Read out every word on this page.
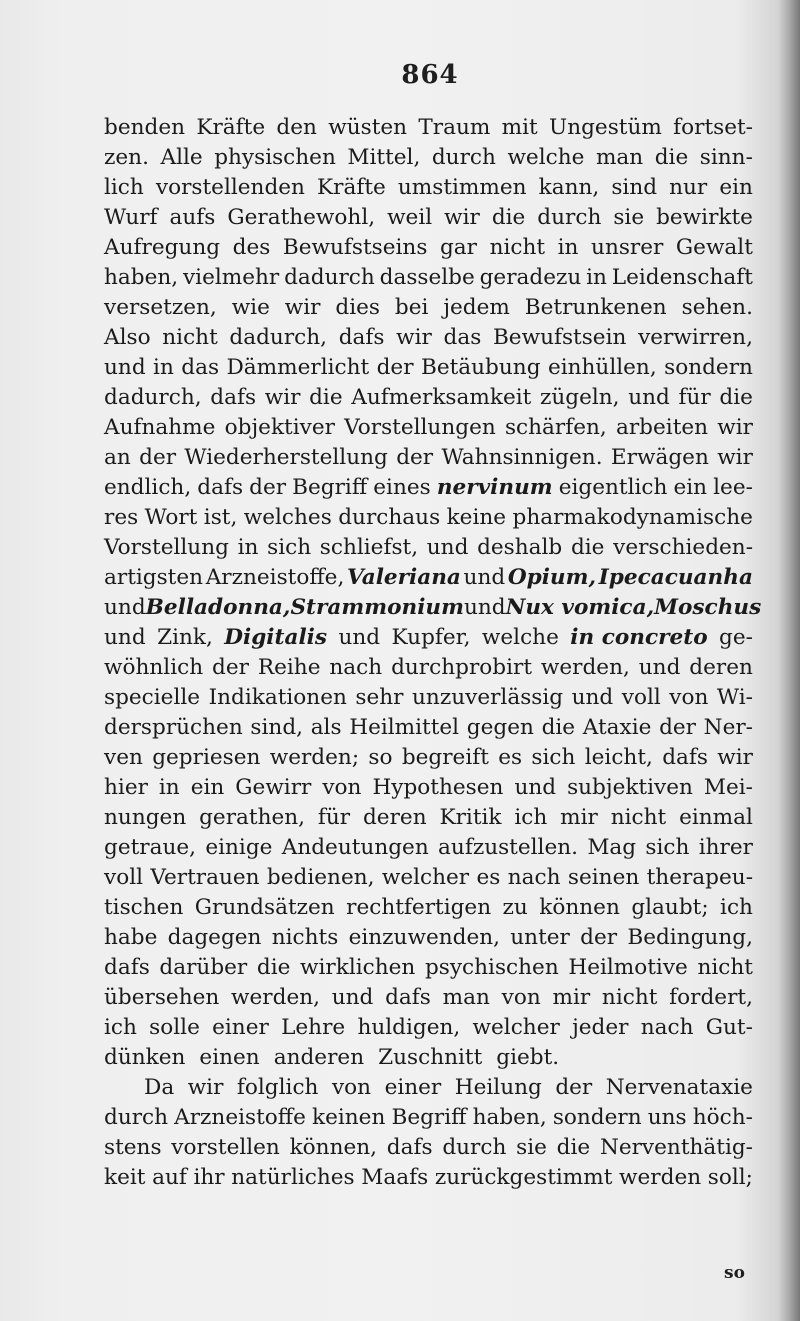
864
benden Kräfte den wüsten Traum mit Ungestüm fortset-
zen. Alle physischen Mittel, durch welche man die sinn-
lich vorstellenden Kräfte umstimmen kann, sind nur ein
Wurf aufs Gerathewohl, weil wir die durch sie bewirkte
Aufregung des Bewufstseins gar nicht in unsrer Gewalt
haben, vielmehr dadurch dasselbe geradezu in Leidenschaft
versetzen, wie wir dies bei jedem Betrunkenen sehen.
Also nicht dadurch, dafs wir das Bewufstsein verwirren,
und in das Dämmerlicht der Betäubung einhüllen, sondern
dadurch, dafs wir die Aufmerksamkeit zügeln, und für die
Aufnahme objektiver Vorstellungen schärfen, arbeiten wir
an der Wiederherstellung der Wahnsinnigen. Erwägen wir
endlich, dafs der Begriff eines nervinum eigentlich ein lee-
res Wort ist, welches durchaus keine pharmakodynamische
Vorstellung in sich schliefst, und deshalb die verschieden-
artigsten Arzneistoffe, Valeriana und Opium, Ipecacuanha
und Belladonna, Strammonium und Nux vomica, Moschus
und Zink, Digitalis und Kupfer, welche in concreto ge-
wöhnlich der Reihe nach durchprobirt werden, und deren
specielle Indikationen sehr unzuverlässig und voll von Wi-
dersprüchen sind, als Heilmittel gegen die Ataxie der Ner-
ven gepriesen werden; so begreift es sich leicht, dafs wir
hier in ein Gewirr von Hypothesen und subjektiven Mei-
nungen gerathen, für deren Kritik ich mir nicht einmal
getraue, einige Andeutungen aufzustellen. Mag sich ihrer
voll Vertrauen bedienen, welcher es nach seinen therapeu-
tischen Grundsätzen rechtfertigen zu können glaubt; ich
habe dagegen nichts einzuwenden, unter der Bedingung,
dafs darüber die wirklichen psychischen Heilmotive nicht
übersehen werden, und dafs man von mir nicht fordert,
ich solle einer Lehre huldigen, welcher jeder nach Gut-
dünken einen anderen Zuschnitt giebt.
Da wir folglich von einer Heilung der Nervenataxie
durch Arzneistoffe keinen Begriff haben, sondern uns höch-
stens vorstellen können, dafs durch sie die Nerventhätig-
keit auf ihr natürliches Maafs zurückgestimmt werden soll;
so
